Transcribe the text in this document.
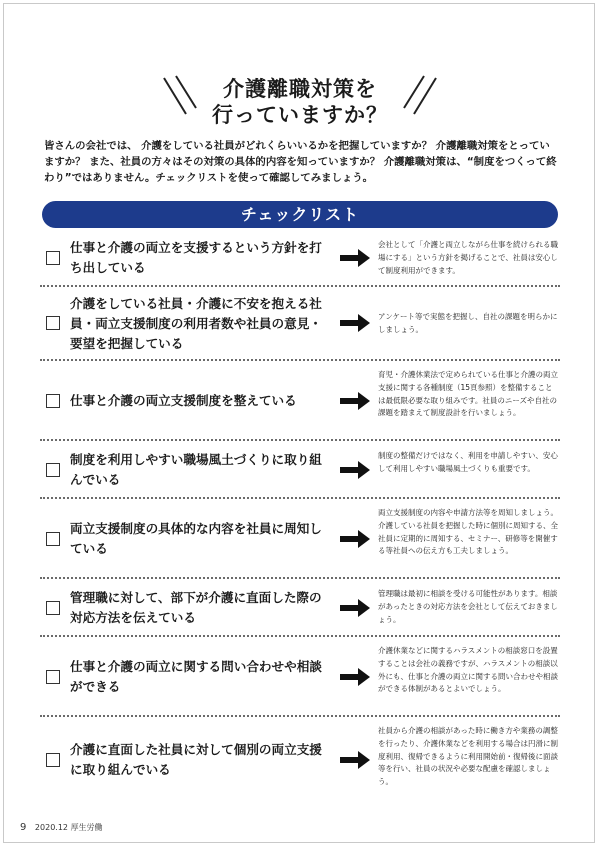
介護離職対策を

行っていますか？

皆さんの会社では、 介護をしている社員がどれくらいいるかを把握していますか？ 介護離職対策をとっていますか？ また、社員の方々はその対策の具体的内容を知っていますか？ 介護離職対策は、“制度をつくって終わり”ではありません。チェックリストを使って確認してみましょう。

チェックリスト

仕事と介護の両立を支援するという方針を打ち出している

会社として「介護と両立しながら仕事を続けられる職場にする」という方針を掲げることで、社員は安心して制度利用ができます。

介護をしている社員・介護に不安を抱える社員・両立支援制度の利用者数や社員の意見・要望を把握している

アンケート等で実態を把握し、自社の課題を明らかにしましょう。

仕事と介護の両立支援制度を整えている

育児・介護休業法で定められている仕事と介護の両立支援に関する各種制度（15頁参照）を整備することは最低限必要な取り組みです。社員のニーズや自社の課題を踏まえて制度設計を行いましょう。

制度を利用しやすい職場風土づくりに取り組んでいる

制度の整備だけではなく、利用を申請しやすい、安心して利用しやすい職場風土づくりも重要です。

両立支援制度の具体的な内容を社員に周知している

両立支援制度の内容や申請方法等を周知しましょう。介護している社員を把握した時に個別に周知する、全社員に定期的に周知する、セミナー、研修等を開催する等社員への伝え方も工夫しましょう。

管理職に対して、部下が介護に直面した際の対応方法を伝えている

管理職は最初に相談を受ける可能性があります。相談があったときの対応方法を会社として伝えておきましょう。

仕事と介護の両立に関する問い合わせや相談ができる

介護休業などに関するハラスメントの相談窓口を設置することは会社の義務ですが、ハラスメントの相談以外にも、仕事と介護の両立に関する問い合わせや相談ができる体制があるとよいでしょう。

介護に直面した社員に対して個別の両立支援に取り組んでいる

社員から介護の相談があった時に働き方や業務の調整を行ったり、介護休業などを利用する場合は円滑に制度利用、復帰できるように利用開始前・復帰後に面談等を行い、社員の状況や必要な配慮を確認しましょう。

9 2020.12 厚生労働
